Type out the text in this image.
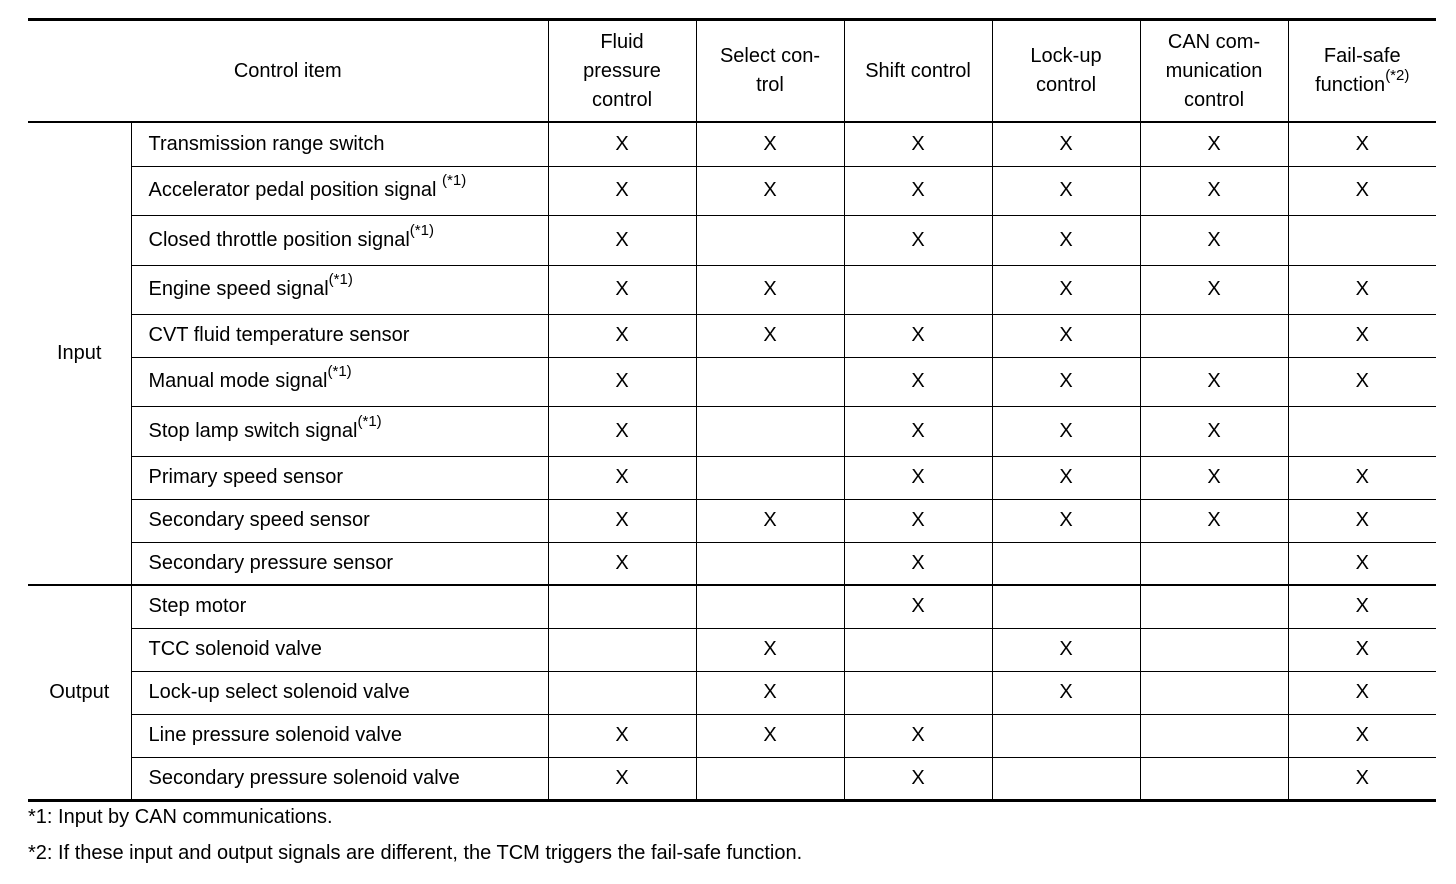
Control item		Fluid
pressure
control	Select con-
trol	Shift control	Lock-up
control	CAN com-
munication
control	Fail-safe
function$^{(*2)}$

Input	Transmission range switch	X	X	X	X	X	X
	Accelerator pedal position signal $^{(*1)}$	X	X	X	X	X	X
	Closed throttle position signal$^{(*1)}$	X		X	X	X	
	Engine speed signal$^{(*1)}$	X	X		X	X	X
	CVT fluid temperature sensor	X	X	X	X		X
	Manual mode signal$^{(*1)}$	X		X	X	X	X
	Stop lamp switch signal$^{(*1)}$	X		X	X	X	
	Primary speed sensor	X		X	X	X	X
	Secondary speed sensor	X	X	X	X	X	X
	Secondary pressure sensor	X		X			X
Output	Step motor			X			X
	TCC solenoid valve		X		X		X
	Lock-up select solenoid valve		X		X		X
	Line pressure solenoid valve	X	X	X			X
	Secondary pressure solenoid valve	X		X			X
*1: Input by CAN communications.
*2: If these input and output signals are different, the TCM triggers the fail-safe function.
